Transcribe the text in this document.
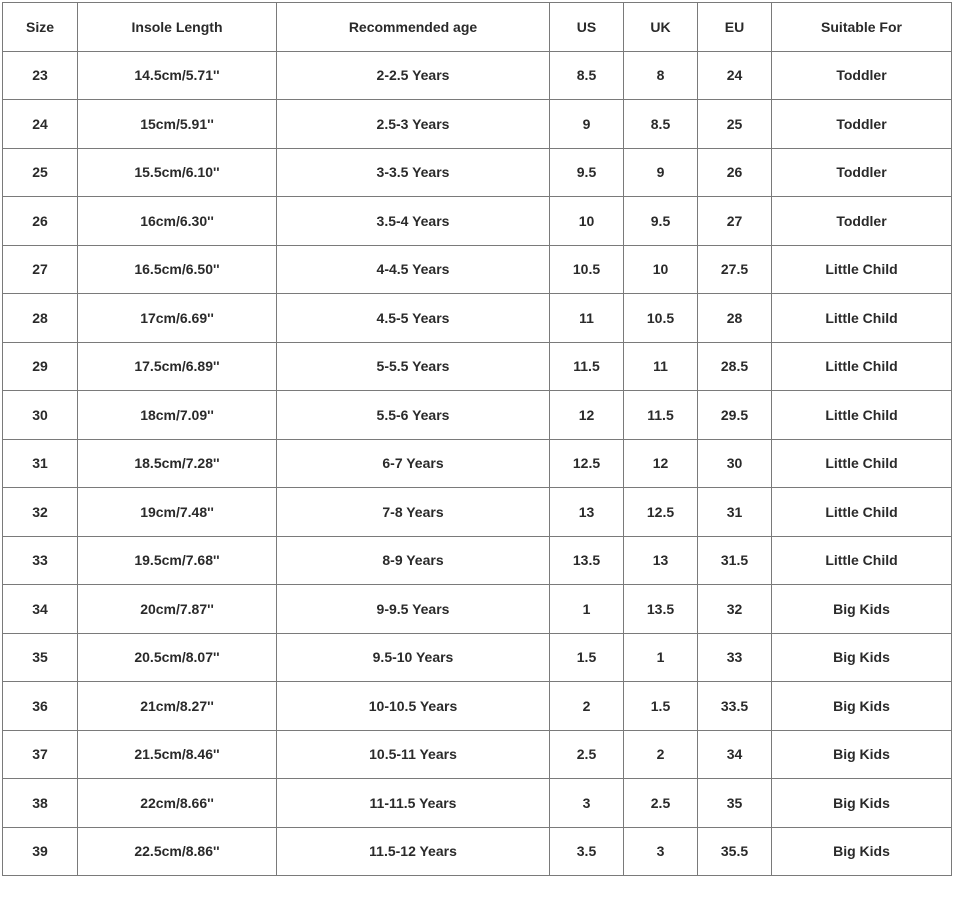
Size	Insole Length	Recommended age	US	UK	EU	Suitable For
23	14.5cm/5.71''	2-2.5 Years	8.5	8	24	Toddler
24	15cm/5.91''	2.5-3 Years	9	8.5	25	Toddler
25	15.5cm/6.10''	3-3.5 Years	9.5	9	26	Toddler
26	16cm/6.30''	3.5-4 Years	10	9.5	27	Toddler
27	16.5cm/6.50''	4-4.5 Years	10.5	10	27.5	Little Child
28	17cm/6.69''	4.5-5 Years	11	10.5	28	Little Child
29	17.5cm/6.89''	5-5.5 Years	11.5	11	28.5	Little Child
30	18cm/7.09''	5.5-6 Years	12	11.5	29.5	Little Child
31	18.5cm/7.28''	6-7 Years	12.5	12	30	Little Child
32	19cm/7.48''	7-8 Years	13	12.5	31	Little Child
33	19.5cm/7.68''	8-9 Years	13.5	13	31.5	Little Child
34	20cm/7.87''	9-9.5 Years	1	13.5	32	Big Kids
35	20.5cm/8.07''	9.5-10 Years	1.5	1	33	Big Kids
36	21cm/8.27''	10-10.5 Years	2	1.5	33.5	Big Kids
37	21.5cm/8.46''	10.5-11 Years	2.5	2	34	Big Kids
38	22cm/8.66''	11-11.5 Years	3	2.5	35	Big Kids
39	22.5cm/8.86''	11.5-12 Years	3.5	3	35.5	Big Kids
